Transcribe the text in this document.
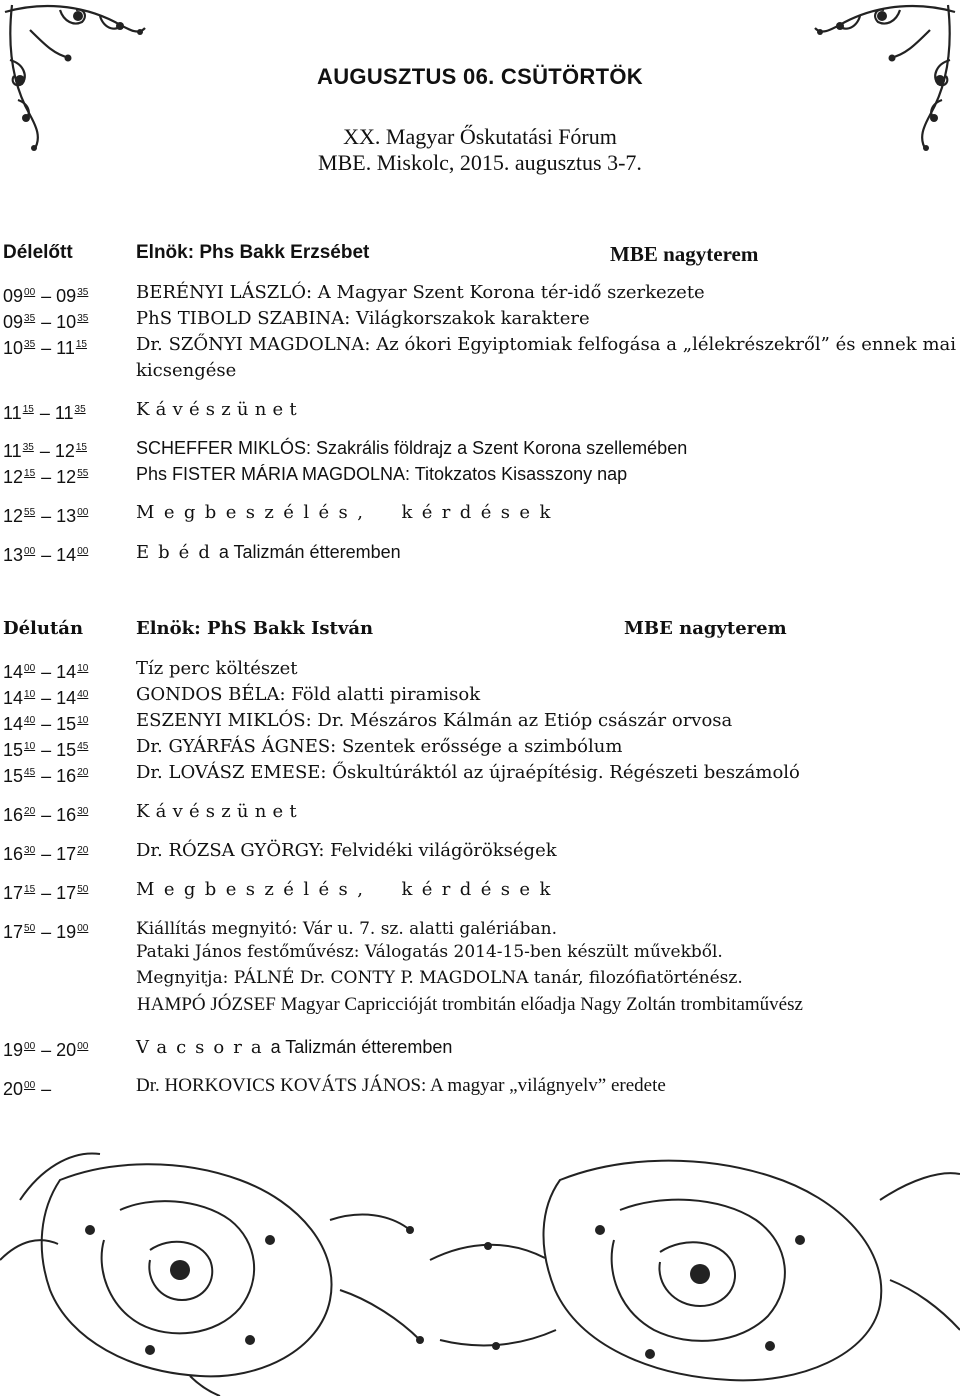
AUGUSZTUS 06. CSÜTÖRTÖK
XX. Magyar Őskutatási Fórum
MBE. Miskolc, 2015. augusztus 3-7.
Délelőtt	Elnök: Phs Bakk Erzsébet	MBE nagyterem
$09^{00} - 09^{35}$	BERÉNYI LÁSZLÓ: A Magyar Szent Korona tér-idő szerkezete
$09^{35} - 10^{35}$	PhS TIBOLD SZABINA: Világkorszakok karaktere
$10^{35} - 11^{15}$	Dr. SZŐNYI MAGDOLNA: Az ókori Egyiptomiak felfogása a „lélekrészekről” és ennek mai kicsengése
$11^{15} - 11^{35}$	Kávészünet
$11^{35} - 12^{15}$	SCHEFFER MIKLÓS: Szakrális földrajz a Szent Korona szellemében
$12^{15} - 12^{55}$	Phs FISTER MÁRIA MAGDOLNA: Titokzatos Kisasszony nap
$12^{55} - 13^{00}$	Megbeszélés, kérdések
$13^{00} - 14^{00}$	Ebéda Talizmán étteremben
Délután	Elnök: PhS Bakk István	MBE nagyterem
$14^{00} - 14^{10}$	Tíz perc költészet
$14^{10} - 14^{40}$	GONDOS BÉLA: Föld alatti piramisok
$14^{40} - 15^{10}$	ESZENYI MIKLÓS: Dr. Mészáros Kálmán az Etióp császár orvosa
$15^{10} - 15^{45}$	Dr. GYÁRFÁS ÁGNES: Szentek erőssége a szimbólum
$15^{45} - 16^{20}$	Dr. LOVÁSZ EMESE: Őskultúráktól az újraépítésig. Régészeti beszámoló
$16^{20} - 16^{30}$	Kávészünet
$16^{30} - 17^{20}$	Dr. RÓZSA GYÖRGY: Felvidéki világörökségek
$17^{15} - 17^{50}$	Megbeszélés, kérdések
$17^{50} - 19^{00}$	Kiállítás megnyitó: Vár u. 7. sz. alatti galériában.
Pataki János festőművész: Válogatás 2014-15-ben készült művekből.
Megnyitja: PÁLNÉ Dr. CONTY P. MAGDOLNA tanár, filozófiatörténész.
HAMPÓ JÓZSEF Magyar Capriccióját trombitán előadja Nagy Zoltán trombitaművész
$19^{00} - 20^{00}$	Vacsoraa Talizmán étteremben
$20^{00}$ –	Dr. HORKOVICS KOVÁTS JÁNOS: A magyar „világnyelv” eredete
